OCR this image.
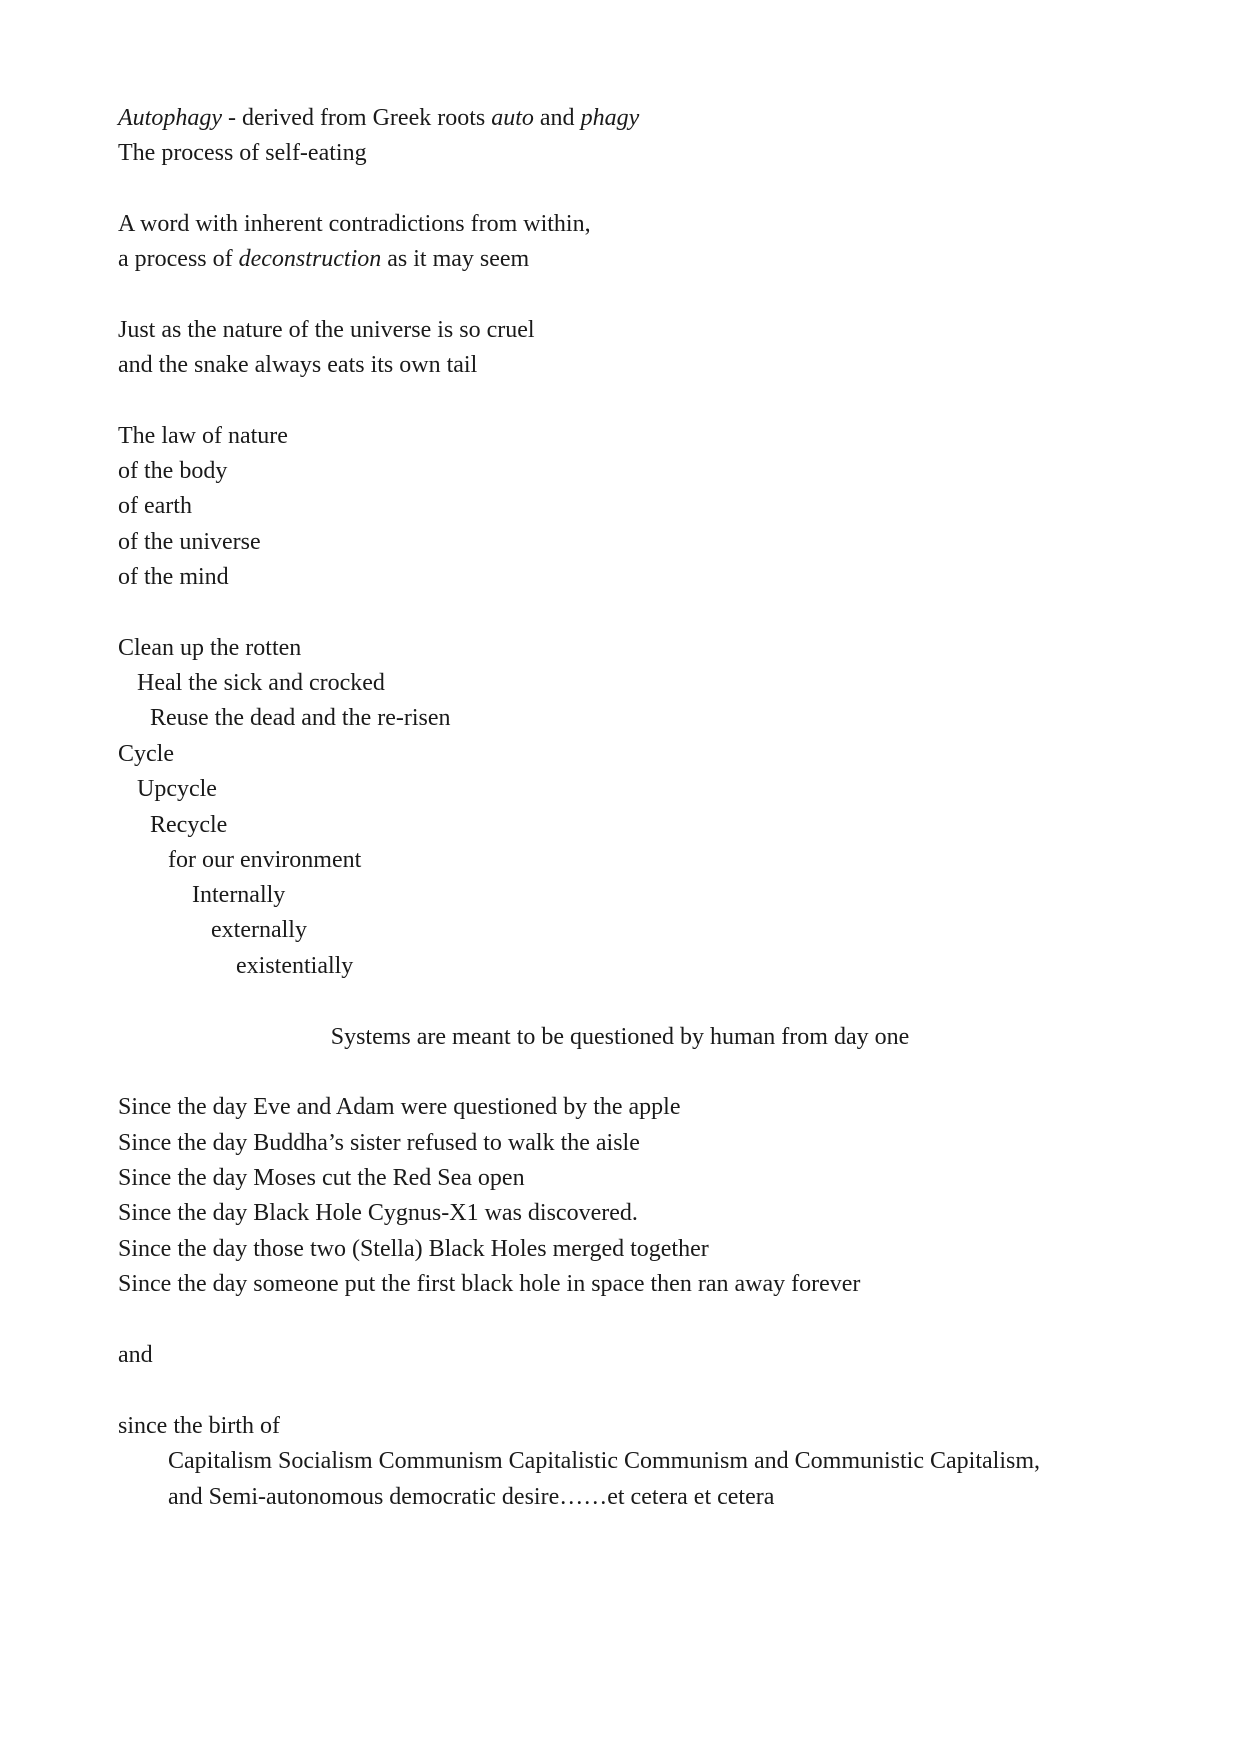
Autophagy - derived from Greek roots auto and phagy
The process of self-eating
A word with inherent contradictions from within,
a process of deconstruction as it may seem
Just as the nature of the universe is so cruel
and the snake always eats its own tail
The law of nature
of the body
of earth
of the universe
of the mind
Clean up the rotten
Heal the sick and crocked
Reuse the dead and the re-risen
Cycle
Upcycle
Recycle
for our environment
Internally
externally
existentially
Systems are meant to be questioned by human from day one
Since the day Eve and Adam were questioned by the apple
Since the day Buddha’s sister refused to walk the aisle
Since the day Moses cut the Red Sea open
Since the day Black Hole Cygnus-X1 was discovered.
Since the day those two (Stella) Black Holes merged together
Since the day someone put the first black hole in space then ran away forever
and
since the birth of
Capitalism Socialism Communism Capitalistic Communism and Communistic Capitalism,
and Semi-autonomous democratic desire……et cetera et cetera
